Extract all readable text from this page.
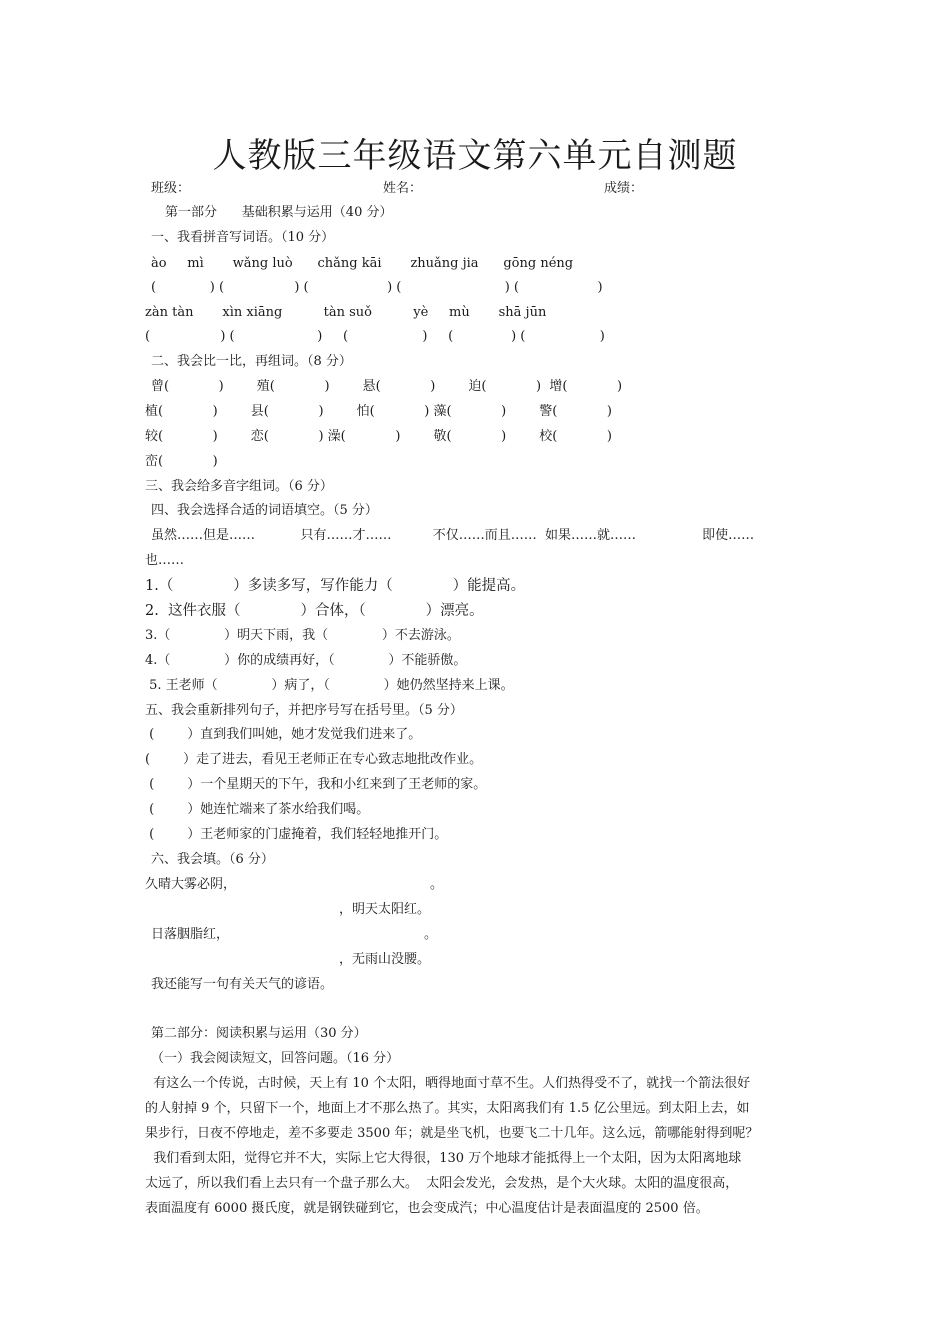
人教版三年级语文第六单元自测题
班级：	姓名：	成绩：
第一部分      基础积累与运用（40 分）
一、我看拼音写词语。（10 分）
ào     mì       wǎng luò      chǎng kāi       zhuǎng jia      gōng néng
(             ) (                 ) (                   ) (                         ) (                   )
zàn tàn       xìn xiāng          tàn suǒ          yè     mù       shā jūn
(                 ) (                    )     (                  )     (              ) (                  )
二、我会比一比，再组词。（8 分）
曾(            )        殖(            )        悬(            )        迫(            )  增(            )
植(            )        县(            )        怕(            ) 藻(            )        警(            )
较(            )        恋(            ) 澡(            )        敬(            )        校(            )
峦(            )
三、我会给多音字组词。（6 分）
四、我会选择合适的词语填空。（5 分）
虽然……但是……           只有……才……          不仅……而且……  如果……就……                即使……
也……
1.（             ）多读多写，写作能力（             ）能提高。
2.  这件衣服（             ）合体，（             ）漂亮。
3.（             ）明天下雨，我（             ）不去游泳。
4.（             ）你的成绩再好，（             ）不能骄傲。
5. 王老师（             ）病了，（             ）她仍然坚持来上课。
五、我会重新排列句子，并把序号写在括号里。（5 分）
(        ）直到我们叫她，她才发觉我们进来了。
(        ）走了进去，看见王老师正在专心致志地批改作业。
(        ）一个星期天的下午，我和小红来到了王老师的家。
(        ）她连忙端来了茶水给我们喝。
(        ）王老师家的门虚掩着，我们轻轻地推开门。
六、我会填。（6 分）
久晴大雾必阴，	。
，明天太阳红。
日落胭脂红，	。
，无雨山没腰。
我还能写一句有关天气的谚语。
第二部分：阅读积累与运用（30 分）
（一）我会阅读短文，回答问题。（16 分）
有这么一个传说，古时候，天上有 10 个太阳，晒得地面寸草不生。人们热得受不了，就找一个箭法很好
的人射掉 9 个，只留下一个，地面上才不那么热了。其实，太阳离我们有 1.5 亿公里远。到太阳上去，如
果步行，日夜不停地走，差不多要走 3500 年；就是坐飞机，也要飞二十几年。这么远，箭哪能射得到呢？
我们看到太阳，觉得它并不大，实际上它大得很，130 万个地球才能抵得上一个太阳，因为太阳离地球
太远了，所以我们看上去只有一个盘子那么大。  太阳会发光，会发热，是个大火球。太阳的温度很高，
表面温度有 6000 摄氏度，就是钢铁碰到它，也会变成汽；中心温度估计是表面温度的 2500 倍。
